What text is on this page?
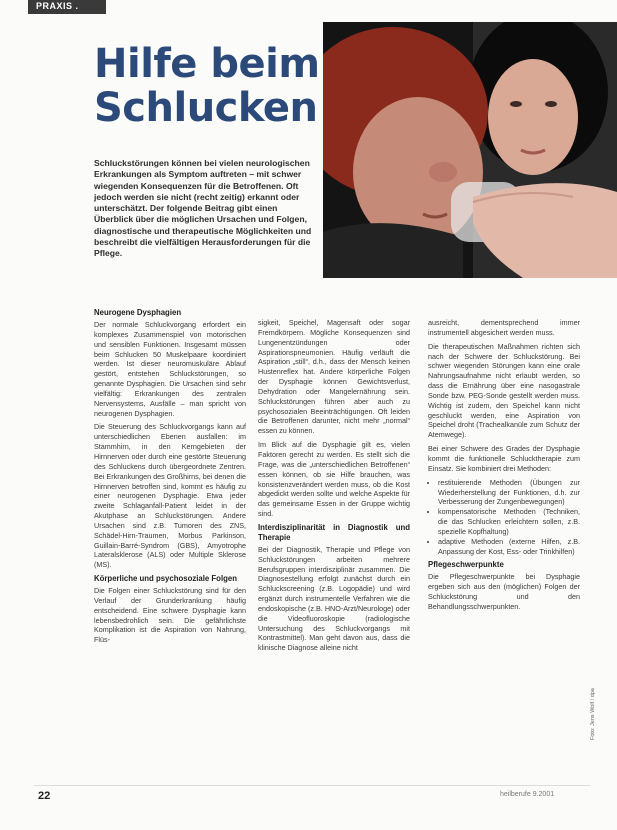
PRAXIS .
Hilfe beim Schlucken
Schluckstörungen können bei vielen neurologischen Erkrankungen als Symptom auftreten – mit schwer wiegenden Konsequenzen für die Betroffenen. Oft jedoch werden sie nicht (recht zeitig) erkannt oder unterschätzt. Der folgende Beitrag gibt einen Überblick über die möglichen Ursachen und Folgen, diagnostische und therapeutische Möglichkeiten und beschreibt die vielfältigen Herausforderungen für die Pflege.
Neurogene Dysphagien

Der normale Schluckvorgang erfordert ein komplexes Zusammenspiel von motorischen und sensiblen Funktionen. Insgesamt müssen beim Schlucken 50 Muskelpaare koordiniert werden. Ist dieser neuromuskuläre Ablauf gestört, entstehen Schluckstörungen, so genannte Dysphagien. Die Ursachen sind sehr vielfältig: Erkrankungen des zentralen Nervensystems, Ausfälle – man spricht von neurogenen Dysphagien.

Die Steuerung des Schluckvorgangs kann auf unterschiedlichen Ebenen ausfallen: im Stammhirn, in den Kerngebieten der Hirnnerven oder durch eine gestörte Steuerung des Schluckens durch übergeordnete Zentren. Bei Erkrankungen des Großhirns, bei denen die Hirnnerven betroffen sind, kommt es häufig zu einer neurogenen Dysphagie. Etwa jeder zweite Schlaganfall-Patient leidet in der Akutphase an Schluckstörungen. Andere Ursachen sind z.B. Tumoren des ZNS, Schädel-Hirn-Traumen, Morbus Parkinson, Guillain-Barré-Syndrom (GBS), Amyotrophe Lateralsklerose (ALS) oder Multiple Sklerose (MS).

Körperliche und psychosoziale Folgen

Die Folgen einer Schluckstörung sind für den Verlauf der Grunderkrankung häufig entscheidend. Eine schwere Dysphagie kann lebensbedrohlich sein. Die gefährlichste Komplikation ist die Aspiration von Nahrung, Flüs-

sigkeit, Speichel, Magensaft oder sogar Fremdkörpern. Mögliche Konsequenzen sind Lungenentzündungen oder Aspirationspneumonien. Häufig verläuft die Aspiration „still“, d.h., dass der Mensch keinen Hustenreflex hat. Andere körperliche Folgen der Dysphagie können Gewichtsverlust, Dehydration oder Mangelernährung sein. Schluckstörungen führen aber auch zu psychosozialen Beeinträchtigungen. Oft leiden die Betroffenen darunter, nicht mehr „normal“ essen zu können.

Im Blick auf die Dysphagie gilt es, vielen Faktoren gerecht zu werden. Es stellt sich die Frage, was die „unterschiedlichen Betroffenen“ essen können, ob sie Hilfe brauchen, was konsistenzverändert werden muss, ob die Kost abgedickt werden sollte und welche Aspekte für das gemeinsame Essen in der Gruppe wichtig sind.

Interdisziplinarität in Diagnostik und Therapie

Bei der Diagnostik, Therapie und Pflege von Schluckstörungen arbeiten mehrere Berufsgruppen interdisziplinär zusammen. Die Diagnosestellung erfolgt zunächst durch ein Schluckscreening (z.B. Logopädie) und wird ergänzt durch instrumentelle Verfahren wie die endoskopische (z.B. HNO-Arzt/Neurologe) oder die Videofluoroskopie (radiologische Untersuchung des Schluckvorgangs mit Kontrastmittel). Man geht davon aus, dass die klinische Diagnose alleine nicht

ausreicht, dementsprechend immer instrumentell abgesichert werden muss.

Die therapeutischen Maßnahmen richten sich nach der Schwere der Schluckstörung. Bei schwer wiegenden Störungen kann eine orale Nahrungsaufnahme nicht erlaubt werden, so dass die Ernährung über eine nasogastrale Sonde bzw. PEG-Sonde gestellt werden muss. Wichtig ist zudem, den Speichel kann nicht geschluckt werden, eine Aspiration von Speichel droht (Trachealkanüle zum Schutz der Atemwege).

Bei einer Schwere des Grades der Dysphagie kommt die funktionelle Schlucktherapie zum Einsatz. Sie kombiniert drei Methoden:

• restituierende Methoden (Übungen zur Wiederherstellung der Funktionen, d.h. zur Verbesserung der Zungenbewegungen)
• kompensatorische Methoden (Techniken, die das Schlucken erleichtern sollen, z.B. spezielle Kopfhaltung)
• adaptive Methoden (externe Hilfen, z.B. Anpassung der Kost, Ess- oder Trinkhilfen)
Pflegeschwerpunkte

Die Pflegeschwerpunkte bei Dysphagie ergeben sich aus den (möglichen) Folgen der Schluckstörung und den Behandlungsschwerpunkten.

Foto: Jens Wolf / dpa
22	heilberufe 9.2001
